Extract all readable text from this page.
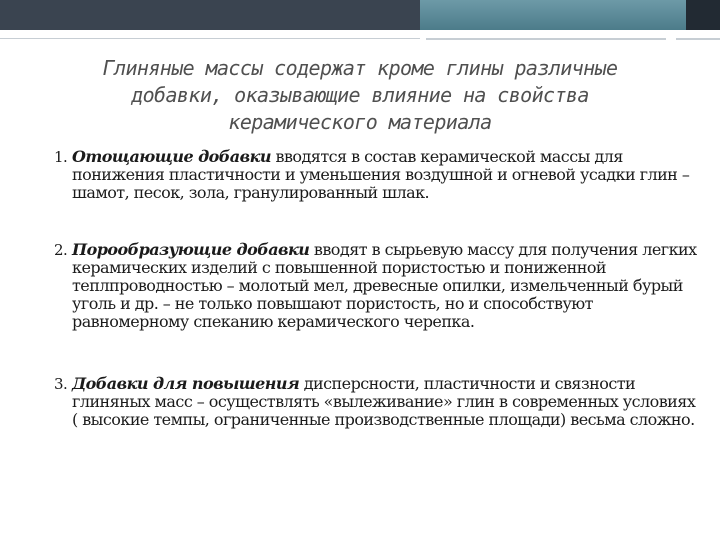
Глиняные массы содержат кроме глины различные
добавки, оказывающие влияние на свойства
керамического материала
1. Отощающие добавки вводятся в состав керамической массы для понижения пластичности и уменьшения воздушной и огневой усадки глин – шамот, песок, зола, гранулированный шлак.
2. Порообразующие добавки вводят в сырьевую массу для получения легких керамических изделий с повышенной пористостью и пониженной теплпроводностью – молотый мел, древесные опилки, измельченный бурый уголь и др. – не только повышают пористость, но и способствуют равномерному спеканию керамического черепка.
3. Добавки для повышения дисперсности, пластичности и связности глиняных масс – осуществлять «вылеживание» глин в современных условиях ( высокие темпы, ограниченные производственные площади) весьма сложно.
